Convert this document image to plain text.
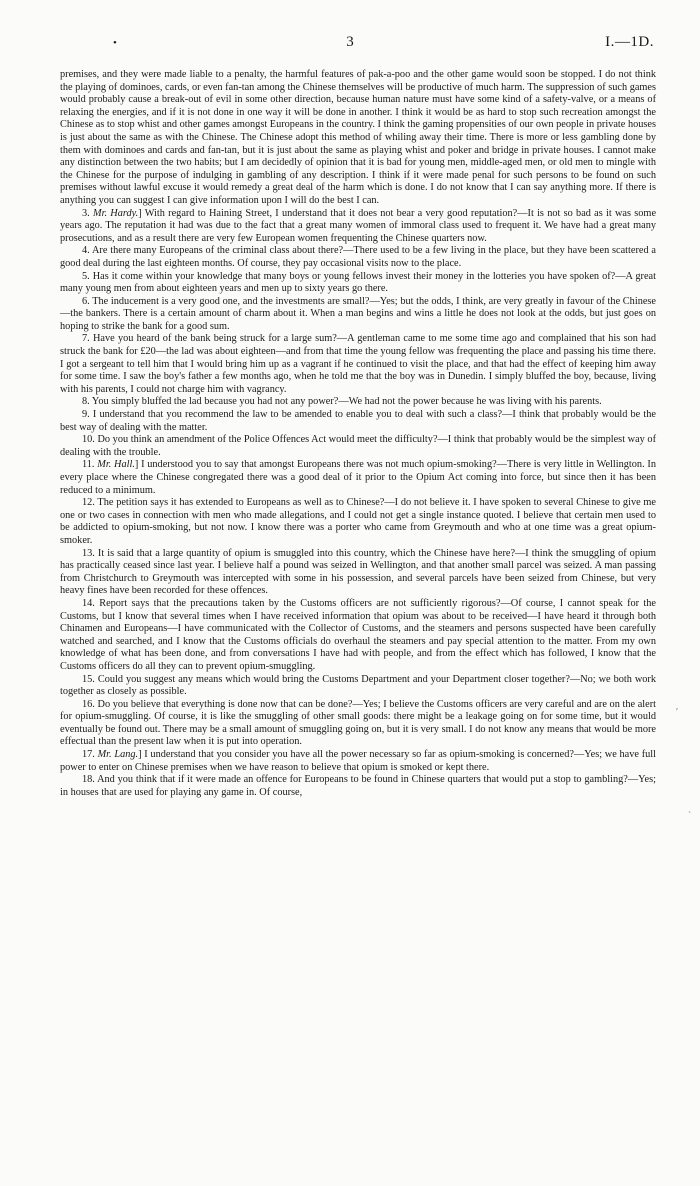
•	3	I.—1D.

premises, and they were made liable to a penalty, the harmful features of pak-a-poo and the other game would soon be stopped. I do not think the playing of dominoes, cards, or even fan-tan among the Chinese themselves will be productive of much harm. The suppression of such games would probably cause a break-out of evil in some other direction, because human nature must have some kind of a safety-valve, or a means of relaxing the energies, and if it is not done in one way it will be done in another. I think it would be as hard to stop such recreation amongst the Chinese as to stop whist and other games amongst Europeans in the country. I think the gaming propensities of our own people in private houses is just about the same as with the Chinese. The Chinese adopt this method of whiling away their time. There is more or less gambling done by them with dominoes and cards and fan-tan, but it is just about the same as playing whist and poker and bridge in private houses. I cannot make any distinction between the two habits; but I am decidedly of opinion that it is bad for young men, middle-aged men, or old men to mingle with the Chinese for the purpose of indulging in gambling of any description. I think if it were made penal for such persons to be found on such premises without lawful excuse it would remedy a great deal of the harm which is done. I do not know that I can say anything more. If there is anything you can suggest I can give information upon I will do the best I can.

3. Mr. Hardy.] With regard to Haining Street, I understand that it does not bear a very good reputation?—It is not so bad as it was some years ago. The reputation it had was due to the fact that a great many women of immoral class used to frequent it. We have had a great many prosecutions, and as a result there are very few European women frequenting the Chinese quarters now.

4. Are there many Europeans of the criminal class about there?—There used to be a few living in the place, but they have been scattered a good deal during the last eighteen months. Of course, they pay occasional visits now to the place.

5. Has it come within your knowledge that many boys or young fellows invest their money in the lotteries you have spoken of?—A great many young men from about eighteen years and men up to sixty years go there.

6. The inducement is a very good one, and the investments are small?—Yes; but the odds, I think, are very greatly in favour of the Chinese—the bankers. There is a certain amount of charm about it. When a man begins and wins a little he does not look at the odds, but just goes on hoping to strike the bank for a good sum.

7. Have you heard of the bank being struck for a large sum?—A gentleman came to me some time ago and complained that his son had struck the bank for £20—the lad was about eighteen—and from that time the young fellow was frequenting the place and passing his time there. I got a sergeant to tell him that I would bring him up as a vagrant if he continued to visit the place, and that had the effect of keeping him away for some time. I saw the boy's father a few months ago, when he told me that the boy was in Dunedin. I simply bluffed the boy, because, living with his parents, I could not charge him with vagrancy.

8. You simply bluffed the lad because you had not any power?—We had not the power because he was living with his parents.

9. I understand that you recommend the law to be amended to enable you to deal with such a class?—I think that probably would be the best way of dealing with the matter.

10. Do you think an amendment of the Police Offences Act would meet the difficulty?—I think that probably would be the simplest way of dealing with the trouble.

11. Mr. Hall.] I understood you to say that amongst Europeans there was not much opium-smoking?—There is very little in Wellington. In every place where the Chinese congregated there was a good deal of it prior to the Opium Act coming into force, but since then it has been reduced to a minimum.

12. The petition says it has extended to Europeans as well as to Chinese?—I do not believe it. I have spoken to several Chinese to give me one or two cases in connection with men who made allegations, and I could not get a single instance quoted. I believe that certain men used to be addicted to opium-smoking, but not now. I know there was a porter who came from Greymouth and who at one time was a great opium-smoker.

13. It is said that a large quantity of opium is smuggled into this country, which the Chinese have here?—I think the smuggling of opium has practically ceased since last year. I believe half a pound was seized in Wellington, and that another small parcel was seized. A man passing from Christchurch to Greymouth was intercepted with some in his possession, and several parcels have been seized from Chinese, but very heavy fines have been recorded for these offences.

14. Report says that the precautions taken by the Customs officers are not sufficiently rigorous?—Of course, I cannot speak for the Customs, but I know that several times when I have received information that opium was about to be received—I have heard it through both Chinamen and Europeans—I have communicated with the Collector of Customs, and the steamers and persons suspected have been carefully watched and searched, and I know that the Customs officials do overhaul the steamers and pay special attention to the matter. From my own knowledge of what has been done, and from conversations I have had with people, and from the effect which has followed, I know that the Customs officers do all they can to prevent opium-smuggling.

15. Could you suggest any means which would bring the Customs Department and your Department closer together?—No; we both work together as closely as possible.

16. Do you believe that everything is done now that can be done?—Yes; I believe the Customs officers are very careful and are on the alert for opium-smuggling. Of course, it is like the smuggling of other small goods: there might be a leakage going on for some time, but it would eventually be found out. There may be a small amount of smuggling going on, but it is very small. I do not know any means that would be more effectual than the present law when it is put into operation.

17. Mr. Lang.] I understand that you consider you have all the power necessary so far as opium-smoking is concerned?—Yes; we have full power to enter on Chinese premises when we have reason to believe that opium is smoked or kept there.

18. And you think that if it were made an offence for Europeans to be found in Chinese quarters that would put a stop to gambling?—Yes; in houses that are used for playing any game in. Of course,

ʹ
ˋ
